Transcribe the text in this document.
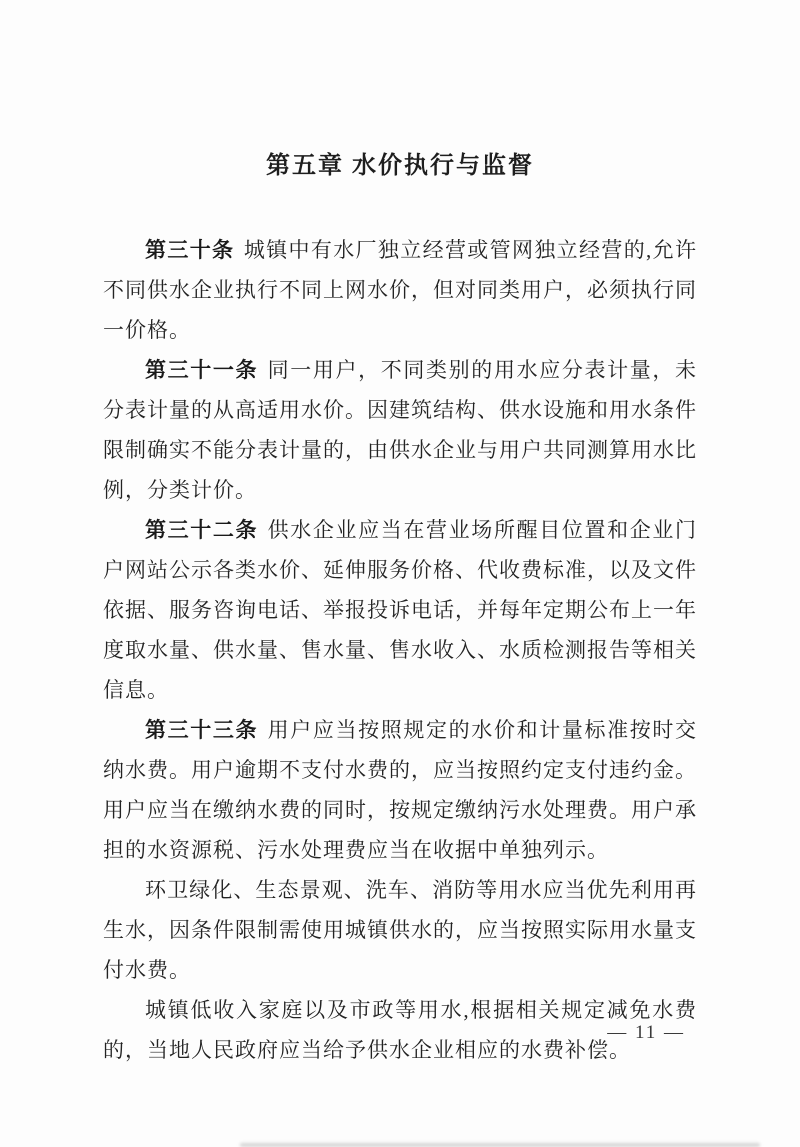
第五章 水价执行与监督

第三十条 城镇中有水厂独立经营或管网独立经营的,允许不同供水企业执行不同上网水价，但对同类用户，必须执行同一价格。

第三十一条 同一用户，不同类别的用水应分表计量，未分表计量的从高适用水价。因建筑结构、供水设施和用水条件限制确实不能分表计量的，由供水企业与用户共同测算用水比例，分类计价。

第三十二条 供水企业应当在营业场所醒目位置和企业门户网站公示各类水价、延伸服务价格、代收费标准，以及文件依据、服务咨询电话、举报投诉电话，并每年定期公布上一年度取水量、供水量、售水量、售水收入、水质检测报告等相关信息。

第三十三条 用户应当按照规定的水价和计量标准按时交纳水费。用户逾期不支付水费的，应当按照约定支付违约金。用户应当在缴纳水费的同时，按规定缴纳污水处理费。用户承担的水资源税、污水处理费应当在收据中单独列示。

环卫绿化、生态景观、洗车、消防等用水应当优先利用再生水，因条件限制需使用城镇供水的，应当按照实际用水量支付水费。

城镇低收入家庭以及市政等用水,根据相关规定减免水费的，当地人民政府应当给予供水企业相应的水费补偿。

— 11 —
